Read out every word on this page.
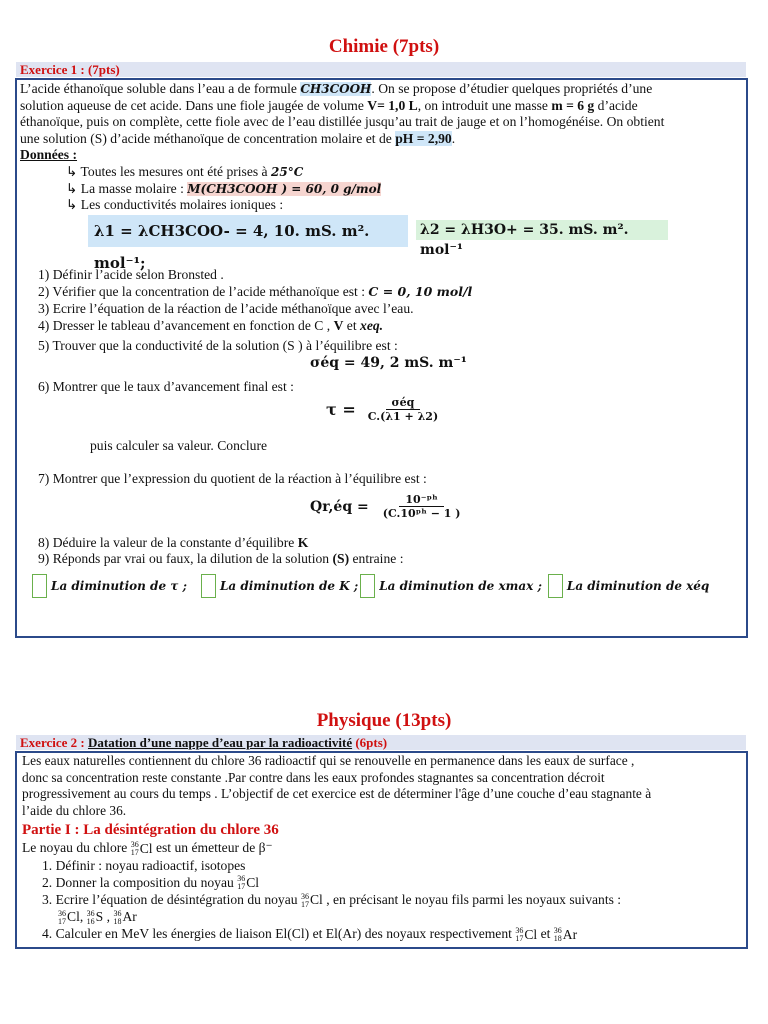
Chimie (7pts)
Exercice 1 : (7pts)
L’acide éthanoïque soluble dans l’eau a de formule CH3COOH. On se propose d’étudier quelques propriétés d’une
solution aqueuse de cet acide. Dans une fiole jaugée de volume V= 1,0 L, on introduit une masse m = 6 g d’acide
éthanoïque, puis on complète, cette fiole avec de l’eau distillée jusqu’au trait de jauge et on l’homogénéise. On obtient
une solution (S) d’acide méthanoïque de concentration molaire et de pH = 2,90.
Données :
↳ Toutes les mesures ont été prises à 25°C
↳ La masse molaire : M(CH3COOH ) = 60, 0 g/mol
↳ Les conductivités molaires ioniques :
λ1 = λCH3COO- = 4, 10. mS. m². mol⁻¹;
λ2 = λH3O+ = 35. mS. m². mol⁻¹
1) Définir l’acide selon Bronsted .
2) Vérifier que la concentration de l’acide méthanoïque est : C = 0, 10 mol/l
3) Ecrire l’équation de la réaction de l’acide méthanoïque avec l’eau.
4) Dresser le tableau d’avancement en fonction de C , V et xeq.
5) Trouver que la conductivité de la solution (S ) à l’équilibre est :
σéq = 49, 2 mS. m⁻¹
6) Montrer que le taux d’avancement final est :
$\tau = \frac{\text{σéq}}{C.(\lambda 1 + \lambda 2)}$
puis calculer sa valeur. Conclure
7) Montrer que l’expression du quotient de la réaction à l’équilibre est :
Qr,éq = $\frac{\text{10⁻ᵖʰ}}{\text{(C.10ᵖʰ − 1 )}}$
8) Déduire la valeur de la constante d’équilibre K
9) Réponds par vrai ou faux, la dilution de la solution (S) entraine :
La diminution de τ ;	La diminution de K ; La diminution de xmax ; La diminution de xéq
Physique (13pts)
Exercice 2 : Datation d’une nappe d’eau par la radioactivité (6pts)
Les eaux naturelles contiennent du chlore 36 radioactif qui se renouvelle en permanence dans les eaux de surface ,
donc sa concentration reste constante .Par contre dans les eaux profondes stagnantes sa concentration décroit
progressivement au cours du temps . L’objectif de cet exercice est de déterminer l'âge d’une couche d’eau stagnante à
l’aide du chlore 36.
Partie I : La désintégration du chlore 36
Le noyau du chlore 36
17 Cl est un émetteur de β⁻
1. Définir : noyau radioactif, isotopes
2. Donner la composition du noyau 36
17 Cl
3. Ecrire l’équation de désintégration du noyau 36
17 Cl , en précisant le noyau fils parmi les noyaux suivants :
36
17 Cl , 36
16 S , 36
18 Ar
4. Calculer en MeV les énergies de liaison El(Cl) et El(Ar) des noyaux respectivement 36
17 Cl et 36
18 Ar
